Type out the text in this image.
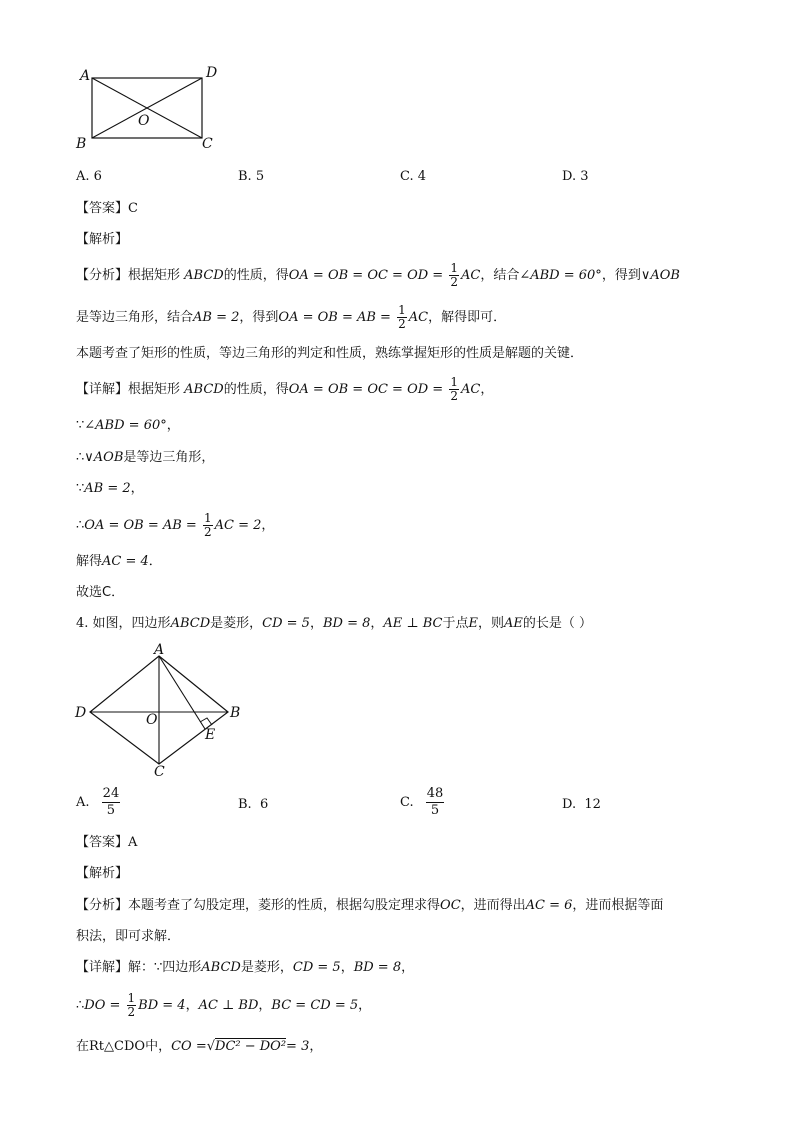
A	D
O
B	C
A. 6	B. 5	C. 4	D. 3
【答案】C
【解析】
【分析】根据矩形 ABCD的性质，得OA = OB = OC = OD = $\frac{1}{2}$ AC，结合∠ABD = 60°，得到∨AOB
是等边三角形，结合AB = 2，得到OA = OB = AB = $\frac{1}{2}$ AC，解得即可．
本题考查了矩形的性质，等边三角形的判定和性质，熟练掌握矩形的性质是解题的关键．
【详解】根据矩形 ABCD的性质，得OA = OB = OC = OD = $\frac{1}{2}$ AC，
∵∠ABD = 60°，
∴∨AOB是等边三角形，
∵AB = 2，
∴OA = OB = AB = $\frac{1}{2}$ AC = 2，
解得AC = 4．
故选C．
4. 如图，四边形ABCD是菱形，CD = 5，BD = 8，AE ⊥ BC于点E，则AE的长是（ ）
A
D	O	B
E
C
A. $\frac{24}{5}$	B. 6	C. $\frac{48}{5}$	D. 12
【答案】A
【解析】
【分析】本题考查了勾股定理，菱形的性质，根据勾股定理求得OC，进而得出AC = 6，进而根据等面
积法，即可求解．
【详解】解：∵四边形ABCD是菱形，CD = 5，BD = 8，
∴DO = $\frac{1}{2}$ BD = 4，AC ⊥ BD，BC = CD = 5，
在Rt△CDO中，CO =√DC² − DO²= 3，
